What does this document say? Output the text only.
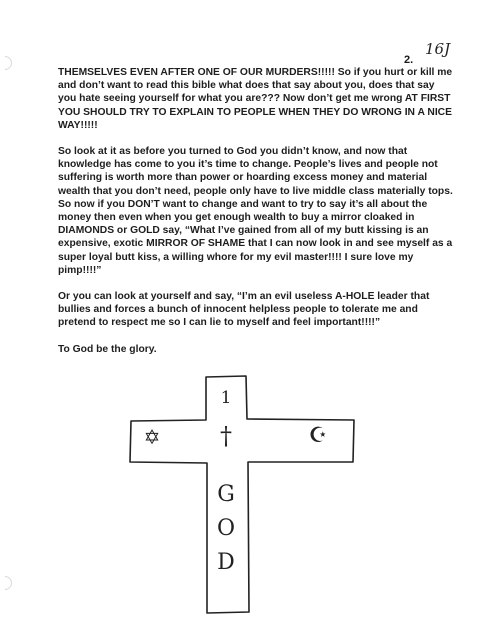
16J
2.

THEMSELVES EVEN AFTER ONE OF OUR MURDERS!!!!! So if you hurt or kill me and don’t want to read this bible what does that say about you, does that say you hate seeing yourself for what you are??? Now don’t get me wrong AT FIRST YOU SHOULD TRY TO EXPLAIN TO PEOPLE WHEN THEY DO WRONG IN A NICE WAY!!!!!

So look at it as before you turned to God you didn’t know, and now that knowledge has come to you it’s time to change. People’s lives and people not suffering is worth more than power or hoarding excess money and material wealth that you don’t need, people only have to live middle class materially tops. So now if you DON’T want to change and want to try to say it’s all about the money then even when you get enough wealth to buy a mirror cloaked in DIAMONDS or GOLD say, “What I’ve gained from all of my butt kissing is an expensive, exotic MIRROR OF SHAME that I can now look in and see myself as a super loyal butt kiss, a willing whore for my evil master!!!! I sure love my pimp!!!!”

Or you can look at yourself and say, “I’m an evil useless A-HOLE leader that bullies and forces a bunch of innocent helpless people to tolerate me and pretend to respect me so I can lie to myself and feel important!!!!”

To God be the glory.

1
†
✡	☪
G
O
D
